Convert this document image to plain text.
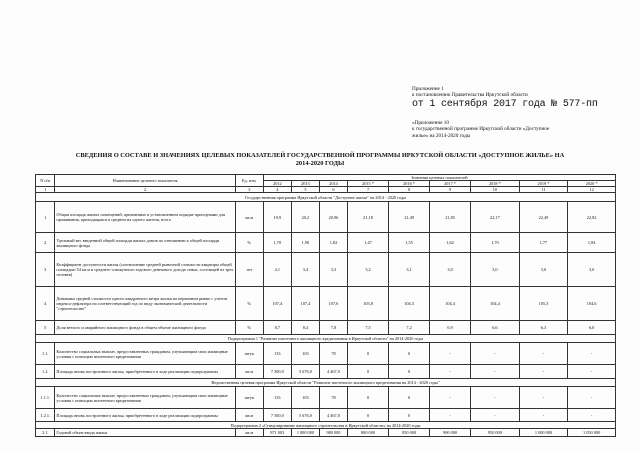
Приложение 1
к постановлению Правительства Иркутской области
от 1 сентября 2017 года № 577-пп
«Приложение 10
к государственной программе Иркутской области «Доступное
жилье» на 2014-2020 годы
СВЕДЕНИЯ О СОСТАВЕ И ЗНАЧЕНИЯХ ЦЕЛЕВЫХ ПОКАЗАТЕЛЕЙ ГОСУДАРСТВЕННОЙ ПРОГРАММЫ ИРКУТСКОЙ ОБЛАСТИ «ДОСТУПНОЕ ЖИЛЬЕ» НА
2014-2020 ГОДЫ
N п/п	Наименование целевого показателя	Ед. изм.	Значения целевых показателей								
			2012	2013	2014	2015 *	2016 *	2017 *	2018 *	2019 *	2020 *
1	2	3	4	5	6	7	8	9	10	11	12
Государственная программа Иркутской области "Доступное жилье" на 2014 - 2020 годы											
1	Общая площадь жилых помещений, признанных в установленном порядке пригодными для проживания, приходящаяся в среднем на одного жителя, всего	кв.м	19,9	20,2	20,96	21,18	21,49	21,85	22,17	22,49	22,82
2	Удельный вес введенной общей площади жилых домов по отношению к общей площади жилищного фонда	%	1,70	1,90	1,82	1,47	1,55	1,62	1,70	1,77	1,84
3	Коэффициент доступности жилья (соотношение средней рыночной стоимости квартиры общей площадью 54 кв.м и среднего совокупного годового денежного дохода семьи, состоящей из трех человек)	лет	4,1	3,4	3,3	3,2	3,1	3,0	3,0	3,0	3,0
4	Динамика средней стоимости одного квадратного метра жилья на первичном рынке с учетом индекса-дефлятора на соответствующий год по виду экономической деятельности "строительство"	%	107,4	107,4	107,6	103,8	104,3	104,4	104,4	105,3	104,6
5	Доля ветхого и аварийного жилищного фонда в общем объеме жилищного фонда	%	8,7	8,4	7,8	7,5	7,2	6,9	6,6	6,3	6,0
Подпрограмма 1 "Развитие ипотечного жилищного кредитования в Иркутской области" на 2014-2020 годы											
1.1.	Количество социальных выплат, предоставленных гражданам, улучшающим свои жилищные условия с помощью ипотечного кредитования	штук	133	103	78	0	0	-	-	-	-
1.2.	Площадь вновь построенного жилья, приобретенного в ходе реализации подпрограммы	кв.м	7 300,0	5 676,0	4 467,0	0	0	-	-	-	-
Ведомственная целевая программа Иркутской области "Развитие ипотечного жилищного кредитования на 2014 - 2020 годы"											
1.1.1.	Количество социальных выплат, предоставленных гражданам, улучшающим свои жилищные условия с помощью ипотечного кредитования	штук	133	103	78	0	0	-	-	-	-
1.2.1.	Площадь вновь построенного жилья, приобретенного в ходе реализации подпрограммы	кв.м	7 300,0	5 676,0	4 467,0	0	0	-	-	-	-
Подпрограмма 2 «Стимулирование жилищного строительства в Иркутской области» на 2014-2020 годы											
2.1.	Годовой объем ввода жилья	кв.м	871 003	1 000 000	980 000	800 000	850 000	900 000	950 000	1 000 000	1 050 000
